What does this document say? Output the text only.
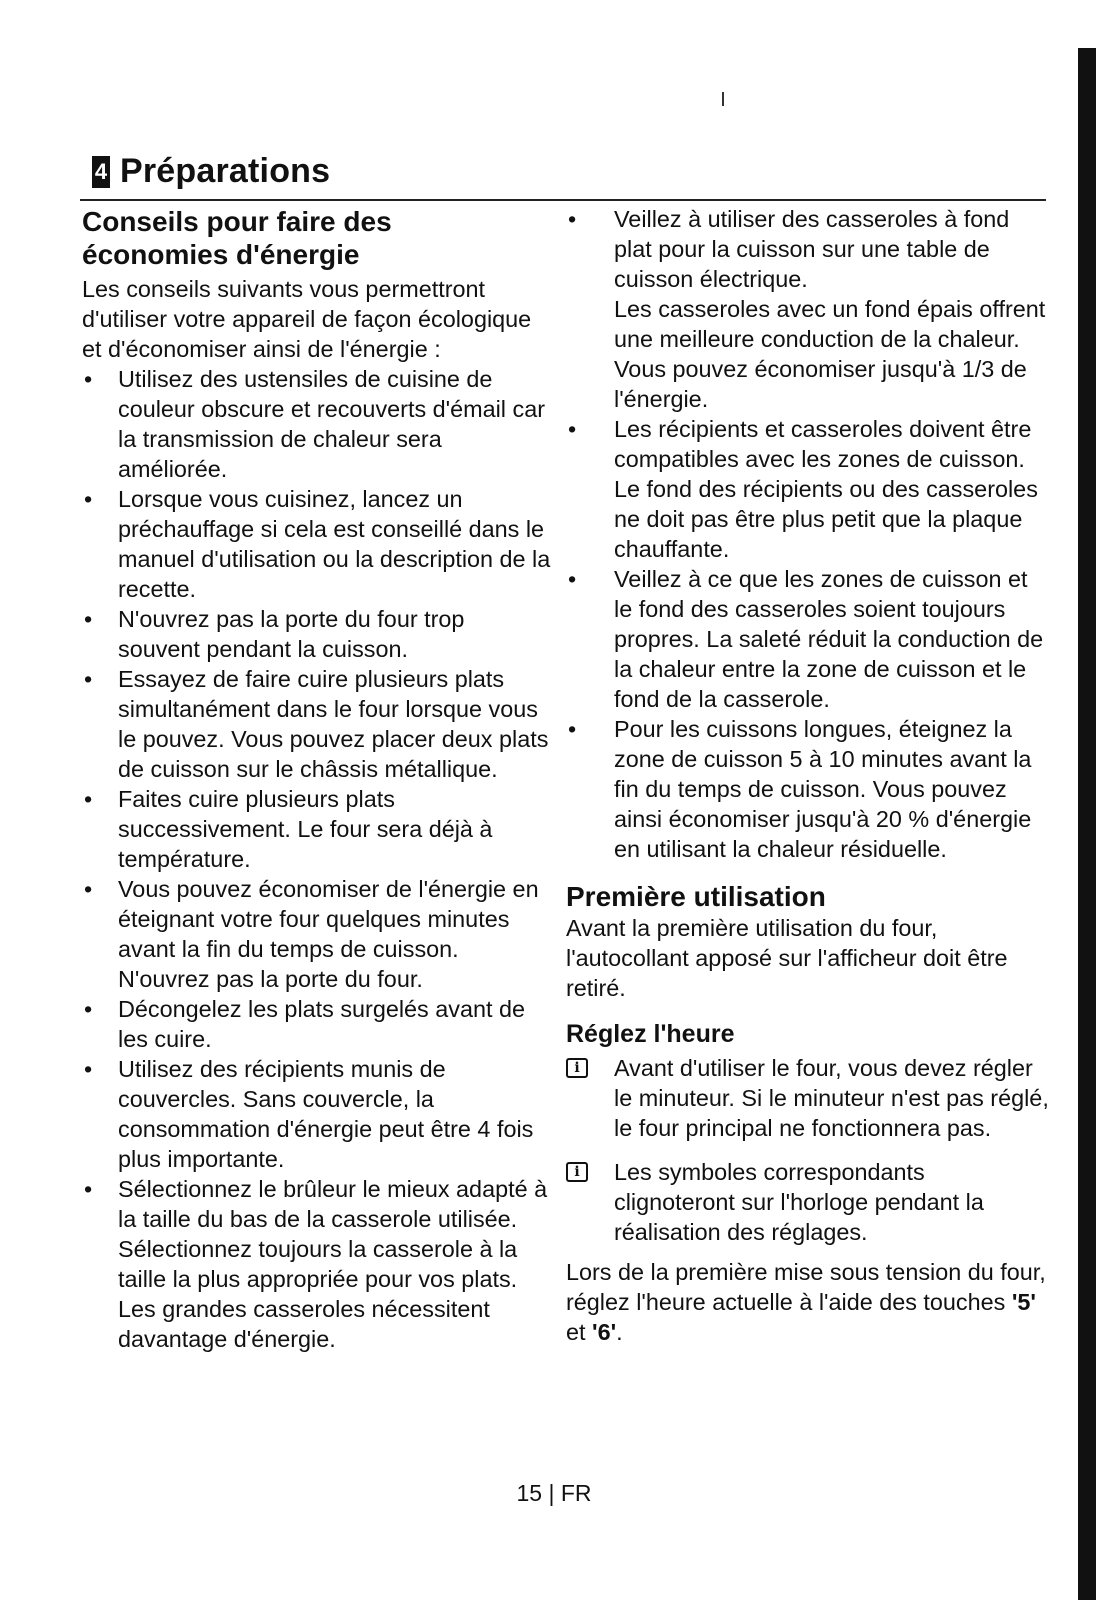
4 Préparations
Conseils pour faire des économies d'énergie

Les conseils suivants vous permettront d'utiliser votre appareil de façon écologique et d'économiser ainsi de l'énergie :

• Utilisez des ustensiles de cuisine de couleur obscure et recouverts d'émail car la transmission de chaleur sera améliorée.
• Lorsque vous cuisinez, lancez un préchauffage si cela est conseillé dans le manuel d'utilisation ou la description de la recette.
• N'ouvrez pas la porte du four trop souvent pendant la cuisson.
• Essayez de faire cuire plusieurs plats simultanément dans le four lorsque vous le pouvez. Vous pouvez placer deux plats de cuisson sur le châssis métallique.
• Faites cuire plusieurs plats successivement. Le four sera déjà à température.
• Vous pouvez économiser de l'énergie en éteignant votre four quelques minutes avant la fin du temps de cuisson. N'ouvrez pas la porte du four.
• Décongelez les plats surgelés avant de les cuire.
• Utilisez des récipients munis de couvercles. Sans couvercle, la consommation d'énergie peut être 4 fois plus importante.
• Sélectionnez le brûleur le mieux adapté à la taille du bas de la casserole utilisée. Sélectionnez toujours la casserole à la taille la plus appropriée pour vos plats. Les grandes casseroles nécessitent davantage d'énergie.
• Veillez à utiliser des casseroles à fond plat pour la cuisson sur une table de cuisson électrique.
Les casseroles avec un fond épais offrent une meilleure conduction de la chaleur. Vous pouvez économiser jusqu'à 1/3 de l'énergie.
• Les récipients et casseroles doivent être compatibles avec les zones de cuisson. Le fond des récipients ou des casseroles ne doit pas être plus petit que la plaque chauffante.
• Veillez à ce que les zones de cuisson et le fond des casseroles soient toujours propres. La saleté réduit la conduction de la chaleur entre la zone de cuisson et le fond de la casserole.
• Pour les cuissons longues, éteignez la zone de cuisson 5 à 10 minutes avant la fin du temps de cuisson. Vous pouvez ainsi économiser jusqu'à 20 % d'énergie en utilisant la chaleur résiduelle.
Première utilisation

Avant la première utilisation du four, l'autocollant apposé sur l'afficheur doit être retiré.

Réglez l'heure
i	Avant d'utiliser le four, vous devez régler le minuteur. Si le minuteur n'est pas réglé, le four principal ne fonctionnera pas.
i	Les symboles correspondants clignoteront sur l'horloge pendant la réalisation des réglages.

Lors de la première mise sous tension du four, réglez l'heure actuelle à l'aide des touches '5' et '6'.

15 | FR
